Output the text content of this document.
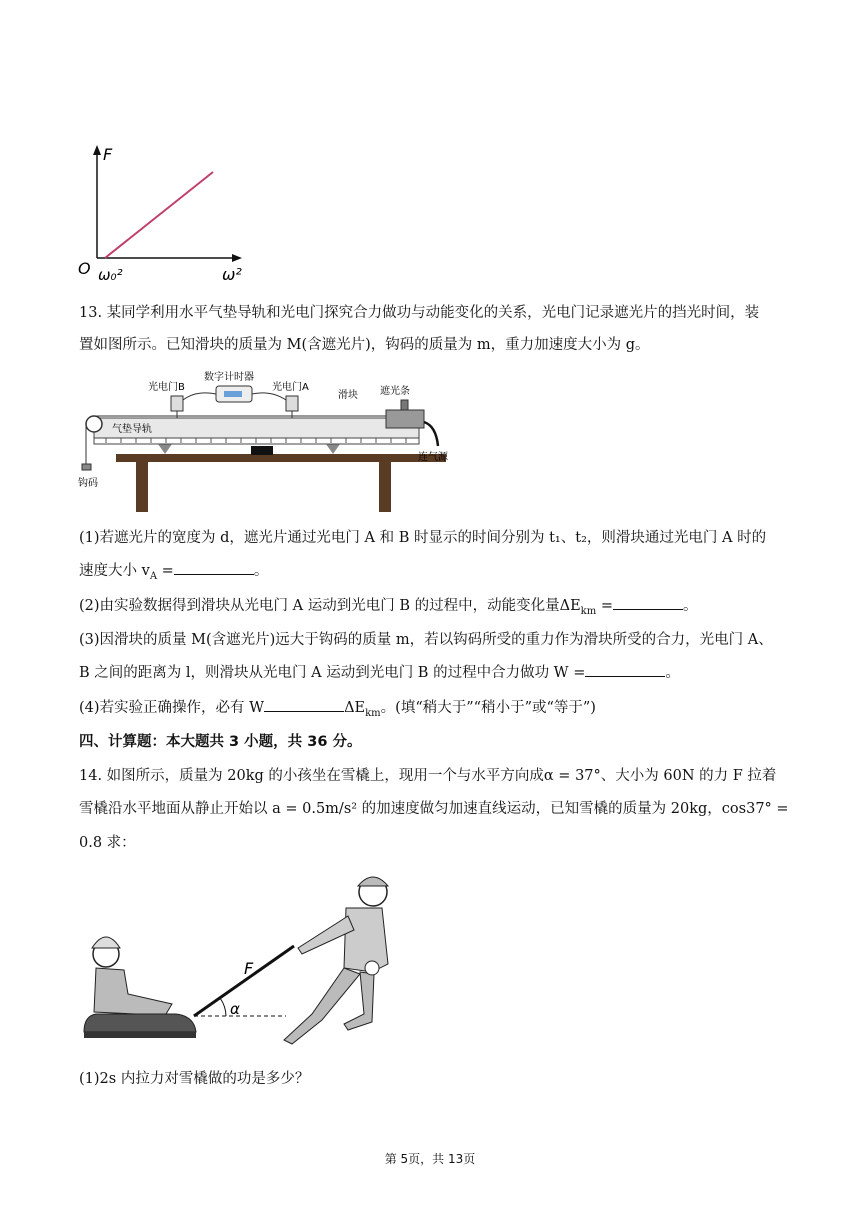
F
O ω₀²	ω²
13. 某同学利用水平气垫导轨和光电门探究合力做功与动能变化的关系，光电门记录遮光片的挡光时间，装
置如图所示。已知滑块的质量为 M(含遮光片)，钩码的质量为 m，重力加速度大小为 g。
数字计时器
光电门B	光电门A
滑块 遮光条
气垫导轨
连气源
钩码
(1)若遮光片的宽度为 d，遮光片通过光电门 A 和 B 时显示的时间分别为 t₁、t₂，则滑块通过光电门 A 时的
速度大小 $v_A$ =	。
(2)由实验数据得到滑块从光电门 A 运动到光电门 B 的过程中，动能变化量$\Delta E_{km}$ =	。
(3)因滑块的质量 M(含遮光片)远大于钩码的质量 m，若以钩码所受的重力作为滑块所受的合力，光电门 A、
B 之间的距离为 l，则滑块从光电门 A 运动到光电门 B 的过程中合力做功 W =	。
(4)若实验正确操作，必有 W	$\Delta E_{km}$。(填“稍大于”“稍小于”或“等于”)
四、计算题：本大题共 3 小题，共 36 分。
14. 如图所示，质量为 20kg 的小孩坐在雪橇上，现用一个与水平方向成α = 37°、大小为 60N 的力 F 拉着
雪橇沿水平地面从静止开始以 a = 0.5m/s² 的加速度做匀加速直线运动，已知雪橇的质量为 20kg，cos37° =
0.8 求：
F
α
(1)2s 内拉力对雪橇做的功是多少？
第 5页，共 13页
